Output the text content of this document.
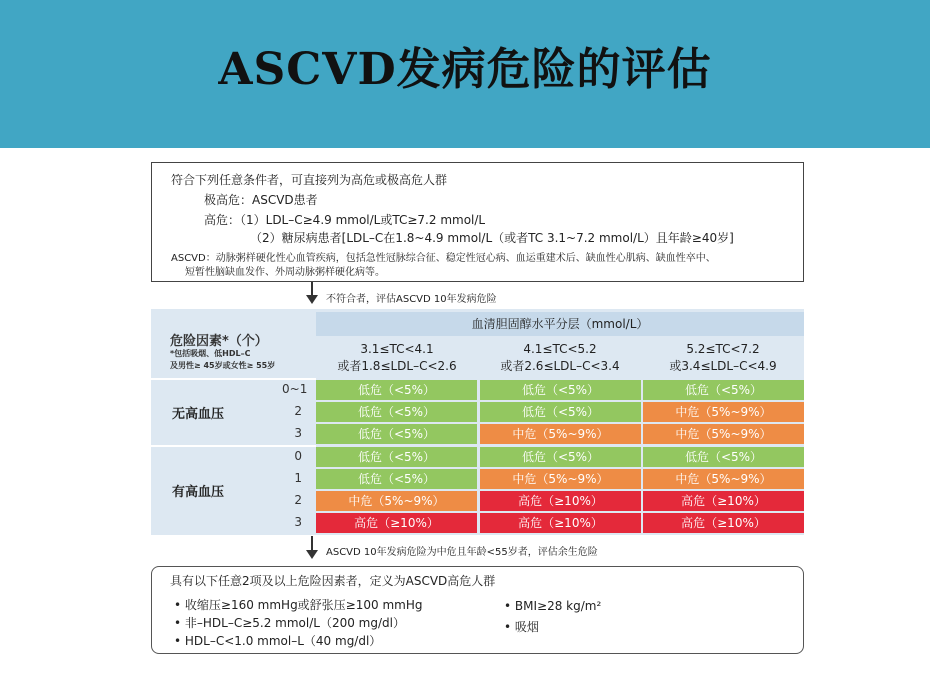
ASCVD发病危险的评估
符合下列任意条件者，可直接列为高危或极高危人群
极高危：ASCVD患者
高危：（1）LDL–C≥4.9 mmol/L或TC≥7.2 mmol/L
（2）糖尿病患者[LDL–C在1.8~4.9 mmol/L（或者TC 3.1~7.2 mmol/L）且年龄≥40岁]
ASCVD：动脉粥样硬化性心血管疾病，包括急性冠脉综合征、稳定性冠心病、血运重建术后、缺血性心肌病、缺血性卒中、
短暂性脑缺血发作、外周动脉粥样硬化病等。
不符合者，评估ASCVD 10年发病危险
危险因素*（个）
*包括吸烟、低HDL–C
及男性≥ 45岁或女性≥ 55岁
血清胆固醇水平分层（mmol/L）
3.1≤TC<4.1
或者1.8≤LDL–C<2.6
4.1≤TC<5.2
或者2.6≤LDL–C<3.4
5.2≤TC<7.2
或3.4≤LDL–C<4.9
无高血压
有高血压
0~1	低危（<5%）	低危（<5%）	低危（<5%）
2	低危（<5%）	低危（<5%）	中危（5%~9%）
3	低危（<5%）	中危（5%~9%）	中危（5%~9%）
0	低危（<5%）	低危（<5%）	低危（<5%）
1	低危（<5%）	中危（5%~9%）	中危（5%~9%）
2	中危（5%~9%）	高危（≥10%）	高危（≥10%）
3	高危（≥10%）	高危（≥10%）	高危（≥10%）
ASCVD 10年发病危险为中危且年龄<55岁者，评估余生危险
具有以下任意2项及以上危险因素者，定义为ASCVD高危人群
• 收缩压≥160 mmHg或舒张压≥100 mmHg
• 非–HDL–C≥5.2 mmol/L（200 mg/dl）
• HDL–C<1.0 mmol–L（40 mg/dl）
• BMI≥28 kg/m²
• 吸烟
